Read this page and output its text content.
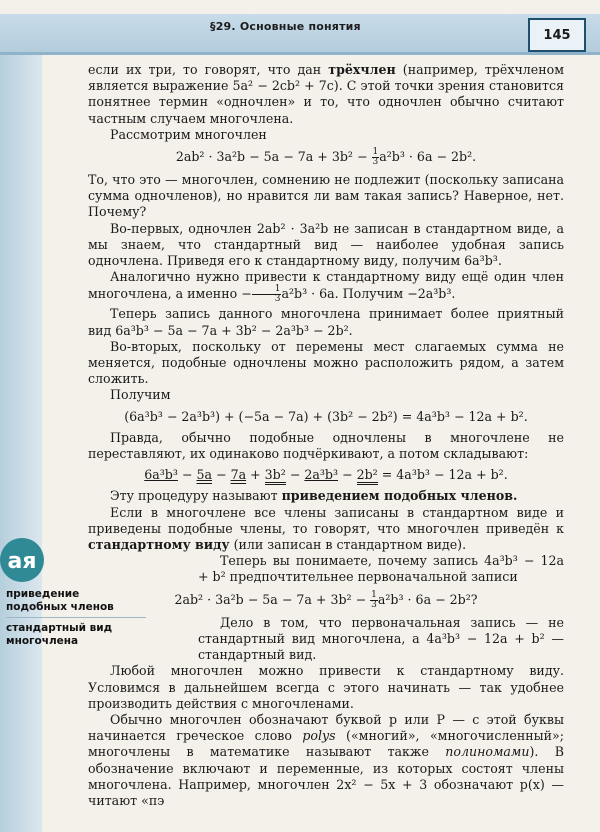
§29. Основные понятия
145
ая
приведение
подобных членов
стандартный вид
многочлена

если их три, то говорят, что дан трёхчлен (например, трёхчленом является выражение 5a² − 2cb² + 7c). С этой точки зрения становится понятнее термин «одночлен» и то, что одночлен обычно считают частным случаем многочлена.

Рассмотрим многочлен

$2ab^2 \cdot 3a^2b - 5a - 7a + 3b^2 - \frac{1}{3} a^2b^3 \cdot 6a - 2b^2$.

То, что это — многочлен, сомнению не подлежит (поскольку записана сумма одночленов), но нравится ли вам такая запись? Наверное, нет. Почему?

Во-первых, одночлен 2ab² · 3a²b не записан в стандартном виде, а мы знаем, что стандартный вид — наиболее удобная запись одночлена. Приведя его к стандартному виду, получим 6a³b³.

Аналогично нужно привести к стандартному виду ещё один член многочлена, а именно − $\frac{1}{3} a^2b^3 \cdot 6a$. Получим −2a³b³.

Теперь запись данного многочлена принимает более приятный вид 6a³b³ − 5a − 7a + 3b² − 2a³b³ − 2b².

Во-вторых, поскольку от перемены мест слагаемых сумма не меняется, подобные одночлены можно расположить рядом, а затем сложить.

Получим

(6a³b³ − 2a³b³) + (−5a − 7a) + (3b² − 2b²) = 4a³b³ − 12a + b².

Правда, обычно подобные одночлены в многочлене не переставляют, их одинаково подчёркивают, а потом складывают:

6a³b³ − 5a − 7a + 3b² − 2a³b³ − 2b² = 4a³b³ − 12a + b².

Эту процедуру называют приведением подобных членов.

Если в многочлене все члены записаны в стандартном виде и приведены подобные члены, то говорят, что многочлен приведён к стандартному виду (или записан в стандартном виде).

Теперь вы понимаете, почему запись 4a³b³ − 12a + b² предпочтительнее первоначальной записи

$2ab^2 \cdot 3a^2b - 5a - 7a + 3b^2 - \frac{1}{3} a^2b^3 \cdot 6a - 2b^2$?

Дело в том, что первоначальная запись — не стандартный вид многочлена, а 4a³b³ − 12a + b² — стандартный вид.

Любой многочлен можно привести к стандартному виду. Условимся в дальнейшем всегда с этого начинать — так удобнее производить действия с многочленами.

Обычно многочлен обозначают буквой p или P — с этой буквы начинается греческое слово polys («многий», «многочисленный»; многочлены в математике называют также полиномами). В обозначение включают и переменные, из которых состоят члены многочлена. Например, многочлен 2x² − 5x + 3 обозначают p(x) — читают «пэ
